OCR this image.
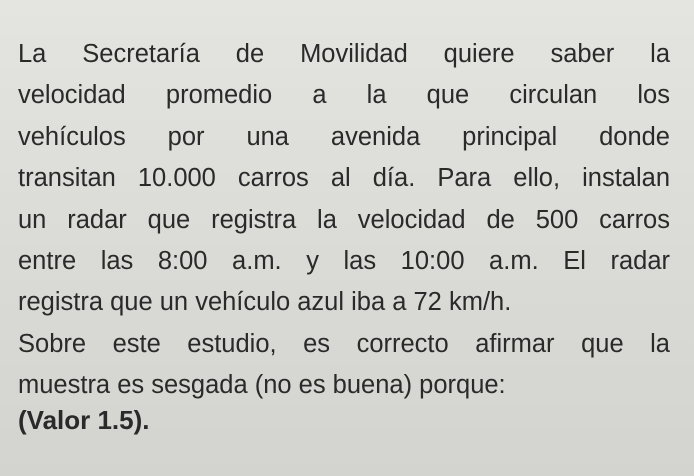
La Secretaría de Movilidad quiere saber la
velocidad promedio a la que circulan los
vehículos por una avenida principal donde
transitan 10.000 carros al día. Para ello, instalan
un radar que registra la velocidad de 500 carros
entre las 8:00 a.m. y las 10:00 a.m. El radar
registra que un vehículo azul iba a 72 km/h.
Sobre este estudio, es correcto afirmar que la
muestra es sesgada (no es buena) porque:
(Valor 1.5).
